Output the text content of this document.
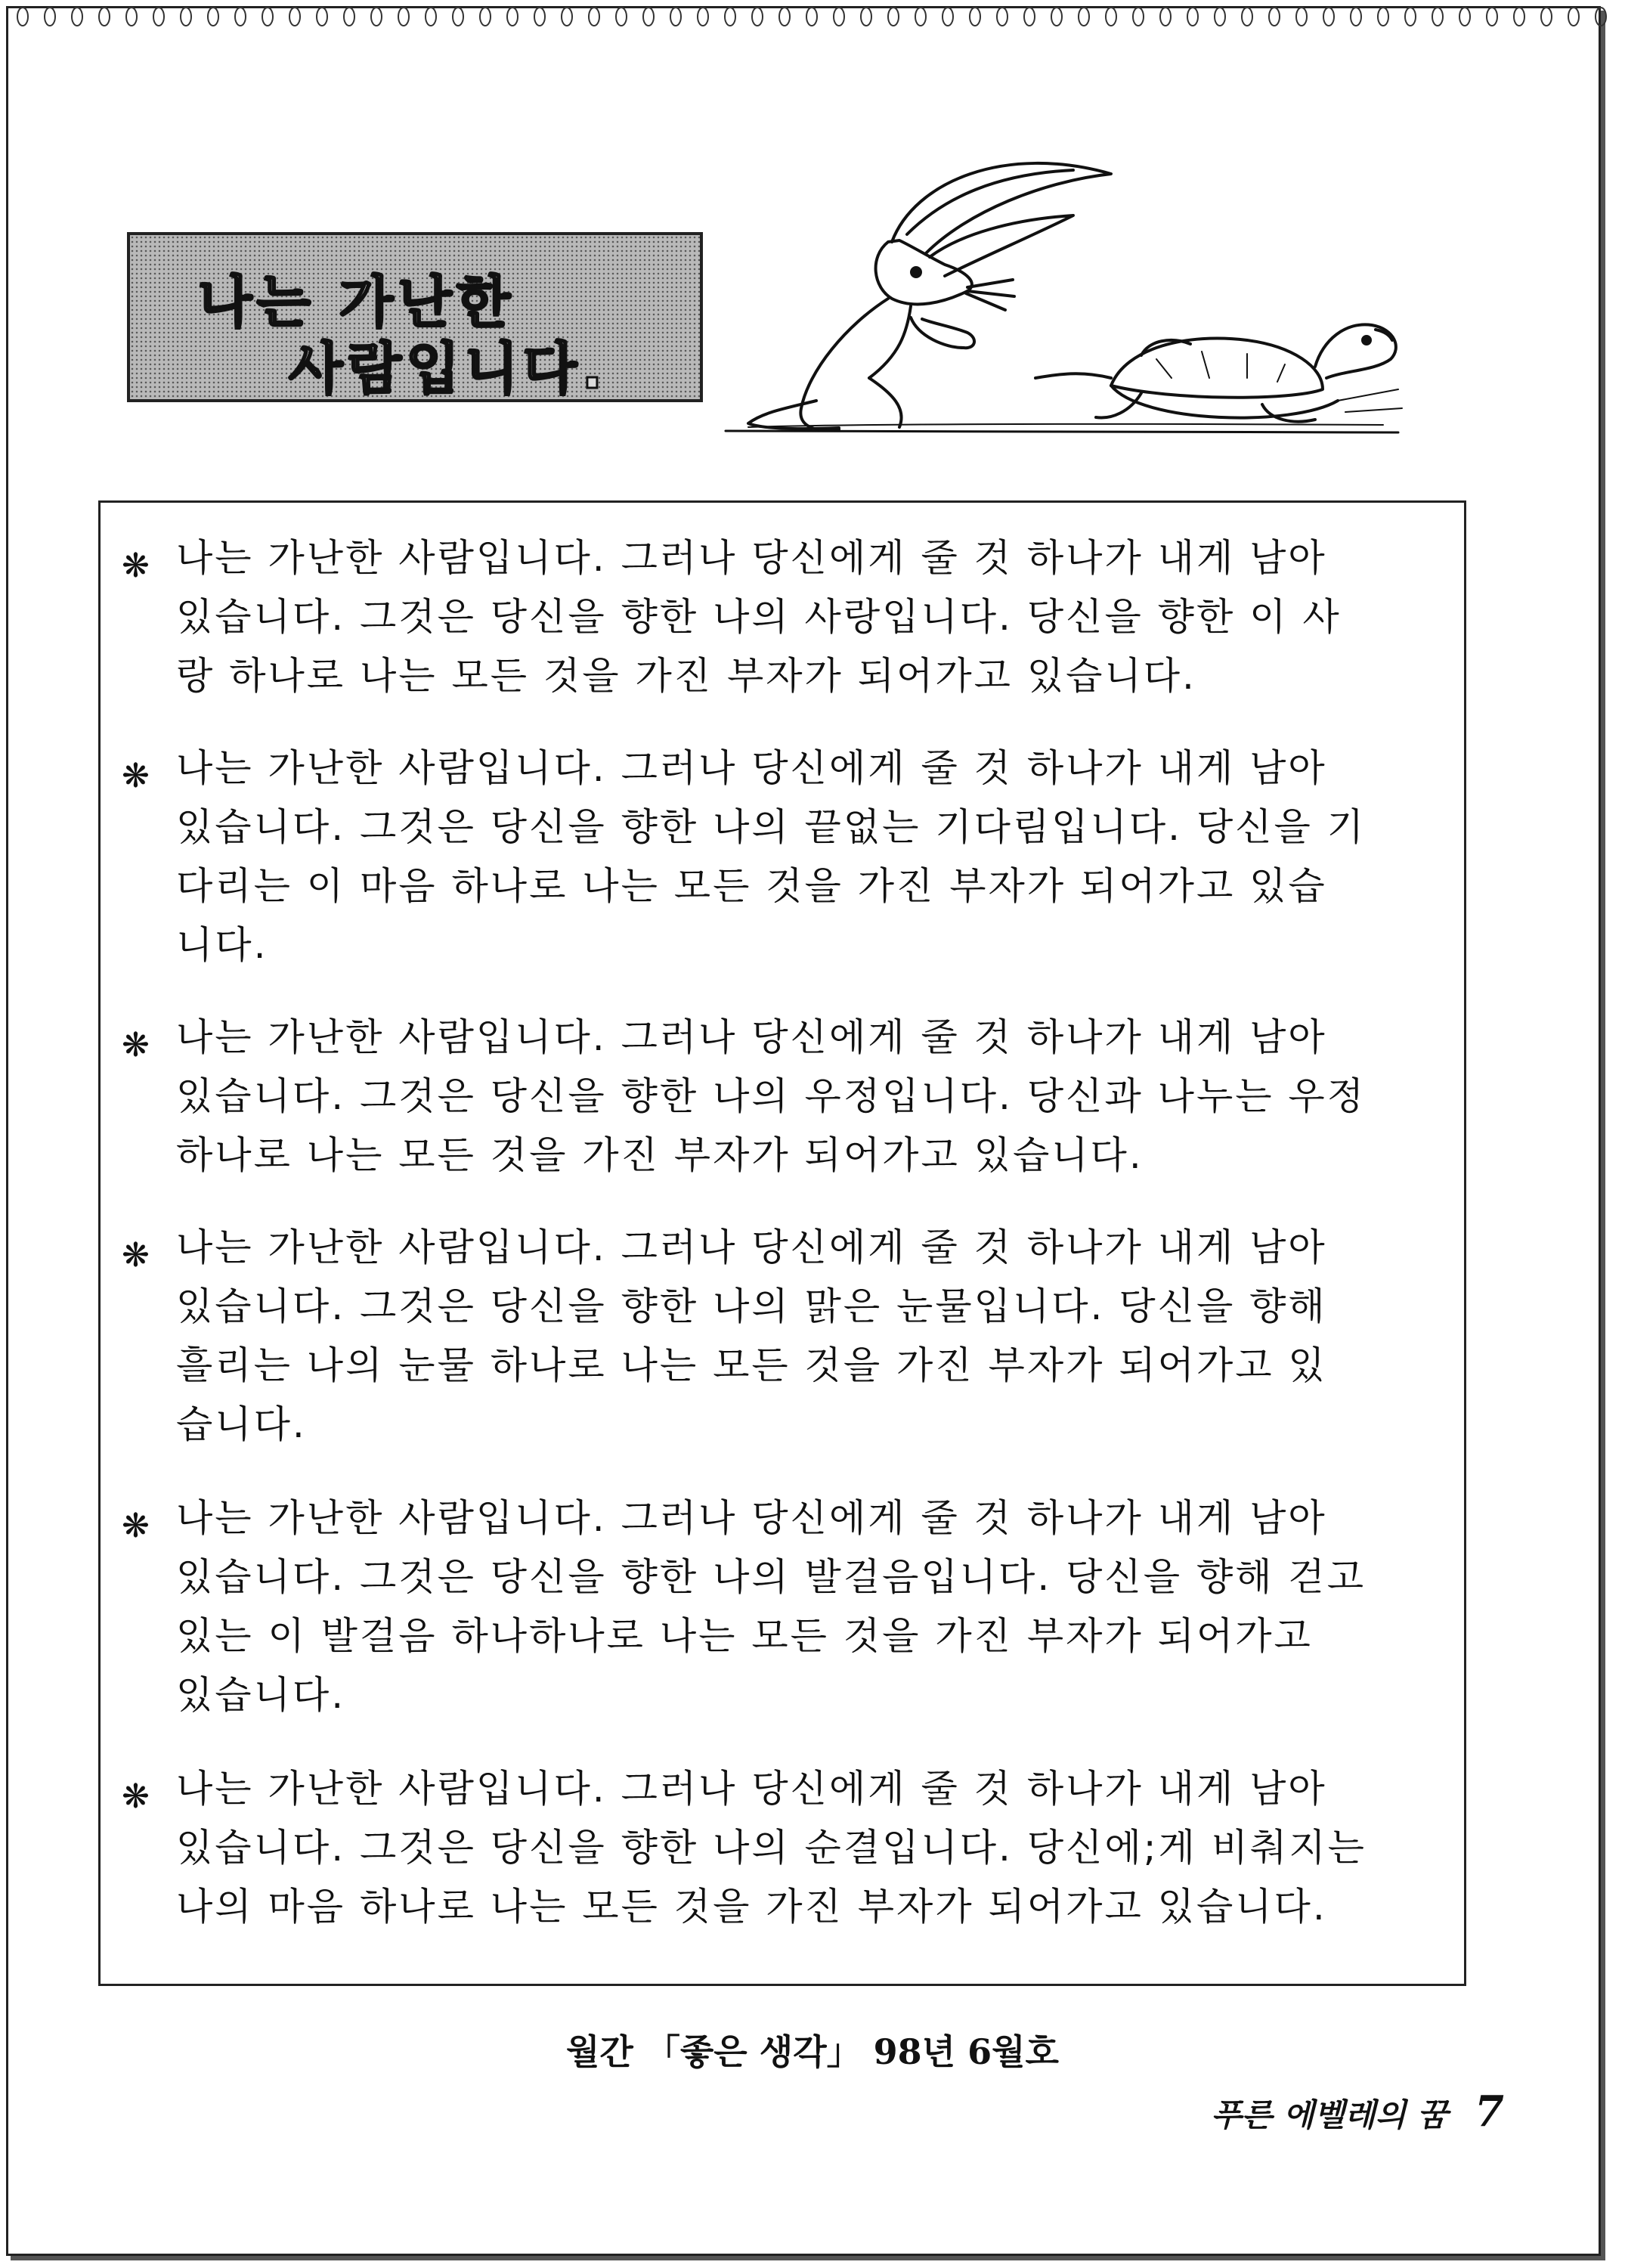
나는 가난한
사람입니다.
❋ 나는 가난한 사람입니다. 그러나 당신에게 줄 것 하나가 내게 남아
있습니다. 그것은 당신을 향한 나의 사랑입니다. 당신을 향한 이 사
랑 하나로 나는 모든 것을 가진 부자가 되어가고 있습니다.
❋ 나는 가난한 사람입니다. 그러나 당신에게 줄 것 하나가 내게 남아
있습니다. 그것은 당신을 향한 나의 끝없는 기다림입니다. 당신을 기
다리는 이 마음 하나로 나는 모든 것을 가진 부자가 되어가고 있습
니다.
❋ 나는 가난한 사람입니다. 그러나 당신에게 줄 것 하나가 내게 남아
있습니다. 그것은 당신을 향한 나의 우정입니다. 당신과 나누는 우정
하나로 나는 모든 것을 가진 부자가 되어가고 있습니다.
❋ 나는 가난한 사람입니다. 그러나 당신에게 줄 것 하나가 내게 남아
있습니다. 그것은 당신을 향한 나의 맑은 눈물입니다. 당신을 향해
흘리는 나의 눈물 하나로 나는 모든 것을 가진 부자가 되어가고 있
습니다.
❋ 나는 가난한 사람입니다. 그러나 당신에게 줄 것 하나가 내게 남아
있습니다. 그것은 당신을 향한 나의 발걸음입니다. 당신을 향해 걷고
있는 이 발걸음 하나하나로 나는 모든 것을 가진 부자가 되어가고
있습니다.
❋ 나는 가난한 사람입니다. 그러나 당신에게 줄 것 하나가 내게 남아
있습니다. 그것은 당신을 향한 나의 순결입니다. 당신에;게 비춰지는
나의 마음 하나로 나는 모든 것을 가진 부자가 되어가고 있습니다.
월간 「좋은 생각」 98년 6월호
푸른 에벨레의 꿈 7
